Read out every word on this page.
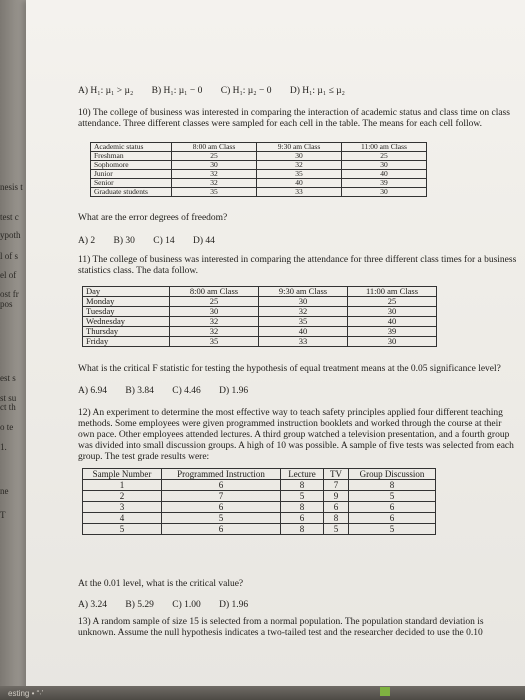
nesis t
test c
ypoth
l of s
el of
ost fr
pos
est s
st su
ct th
o te
1.
ne
T
A) H₁: µ₁ > µ₂ B) H₁: µ₁ − 0 C) H₁: µ₂ − 0 D) H₁: µ₁ ≤ µ₂
10) The college of business was interested in comparing the interaction of academic status and class time on class attendance. Three different classes were sampled for each cell in the table. The means for each cell follow.
Academic status	8:00 am Class	9:30 am Class	11:00 am Class
Freshman	25	30	25
Sophomore	30	32	30
Junior	32	35	40
Senior	32	40	39
Graduate students	35	33	30
What are the error degrees of freedom?
A) 2 B) 30 C) 14 D) 44
11) The college of business was interested in comparing the attendance for three different class times for a business statistics class. The data follow.
Day	8:00 am Class	9:30 am Class	11:00 am Class
Monday	25	30	25
Tuesday	30	32	30
Wednesday	32	35	40
Thursday	32	40	39
Friday	35	33	30
What is the critical F statistic for testing the hypothesis of equal treatment means at the 0.05 significance level?
A) 6.94 B) 3.84 C) 4.46 D) 1.96
12) An experiment to determine the most effective way to teach safety principles applied four different teaching methods. Some employees were given programmed instruction booklets and worked through the course at their own pace. Other employees attended lectures. A third group watched a television presentation, and a fourth group was divided into small discussion groups. A high of 10 was possible. A sample of five tests was selected from each group. The test grade results were:
Sample Number	Programmed Instruction	Lecture	TV	Group Discussion
1	6	8	7	8
2	7	5	9	5
3	6	8	6	6
4	5	6	8	6
5	6	8	5	5
At the 0.01 level, what is the critical value?
A) 3.24 B) 5.29 C) 1.00 D) 1.96
13) A random sample of size 15 is selected from a normal population. The population standard deviation is unknown. Assume the null hypothesis indicates a two-tailed test and the researcher decided to use the 0.10
esting • “∙’
